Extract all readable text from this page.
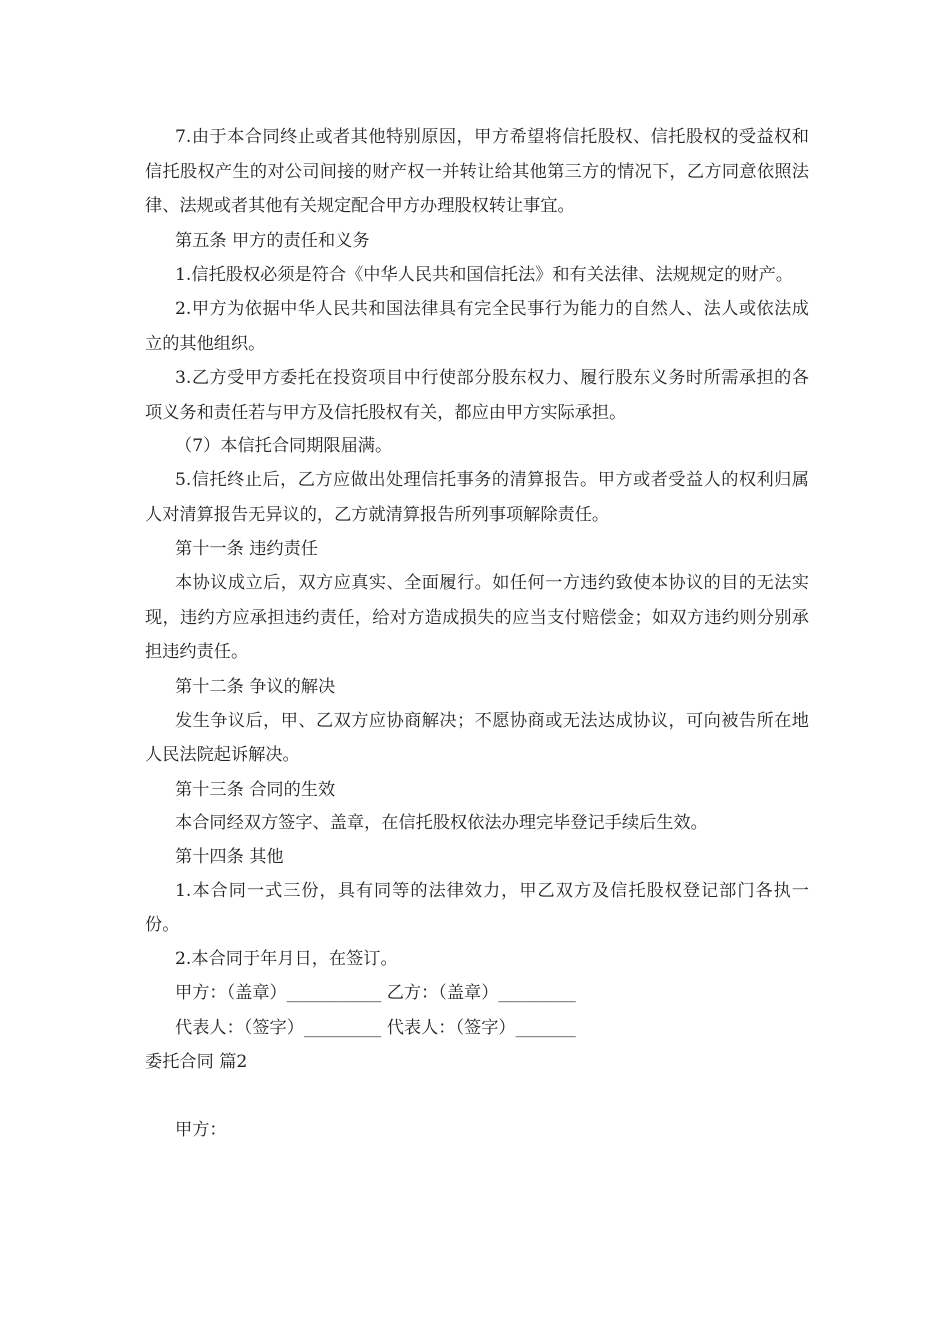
7.由于本合同终止或者其他特别原因，甲方希望将信托股权、信托股权的受益权和信托股权产生的对公司间接的财产权一并转让给其他第三方的情况下，乙方同意依照法律、法规或者其他有关规定配合甲方办理股权转让事宜。

第五条 甲方的责任和义务

1.信托股权必须是符合《中华人民共和国信托法》和有关法律、法规规定的财产。

2.甲方为依据中华人民共和国法律具有完全民事行为能力的自然人、法人或依法成立的其他组织。

3.乙方受甲方委托在投资项目中行使部分股东权力、履行股东义务时所需承担的各项义务和责任若与甲方及信托股权有关，都应由甲方实际承担。

（7）本信托合同期限届满。

5.信托终止后，乙方应做出处理信托事务的清算报告。甲方或者受益人的权利归属人对清算报告无异议的，乙方就清算报告所列事项解除责任。

第十一条 违约责任

本协议成立后，双方应真实、全面履行。如任何一方违约致使本协议的目的无法实现，违约方应承担违约责任，给对方造成损失的应当支付赔偿金；如双方违约则分别承担违约责任。

第十二条 争议的解决

发生争议后，甲、乙双方应协商解决；不愿协商或无法达成协议，可向被告所在地人民法院起诉解决。

第十三条 合同的生效

本合同经双方签字、盖章，在信托股权依法办理完毕登记手续后生效。

第十四条 其他

1.本合同一式三份，具有同等的法律效力，甲乙双方及信托股权登记部门各执一份。

2.本合同于年月日，在签订。

甲方：（盖章）___________ 乙方：（盖章）_________

代表人：（签字）_________ 代表人：（签字）_______

委托合同 篇2

甲方：
